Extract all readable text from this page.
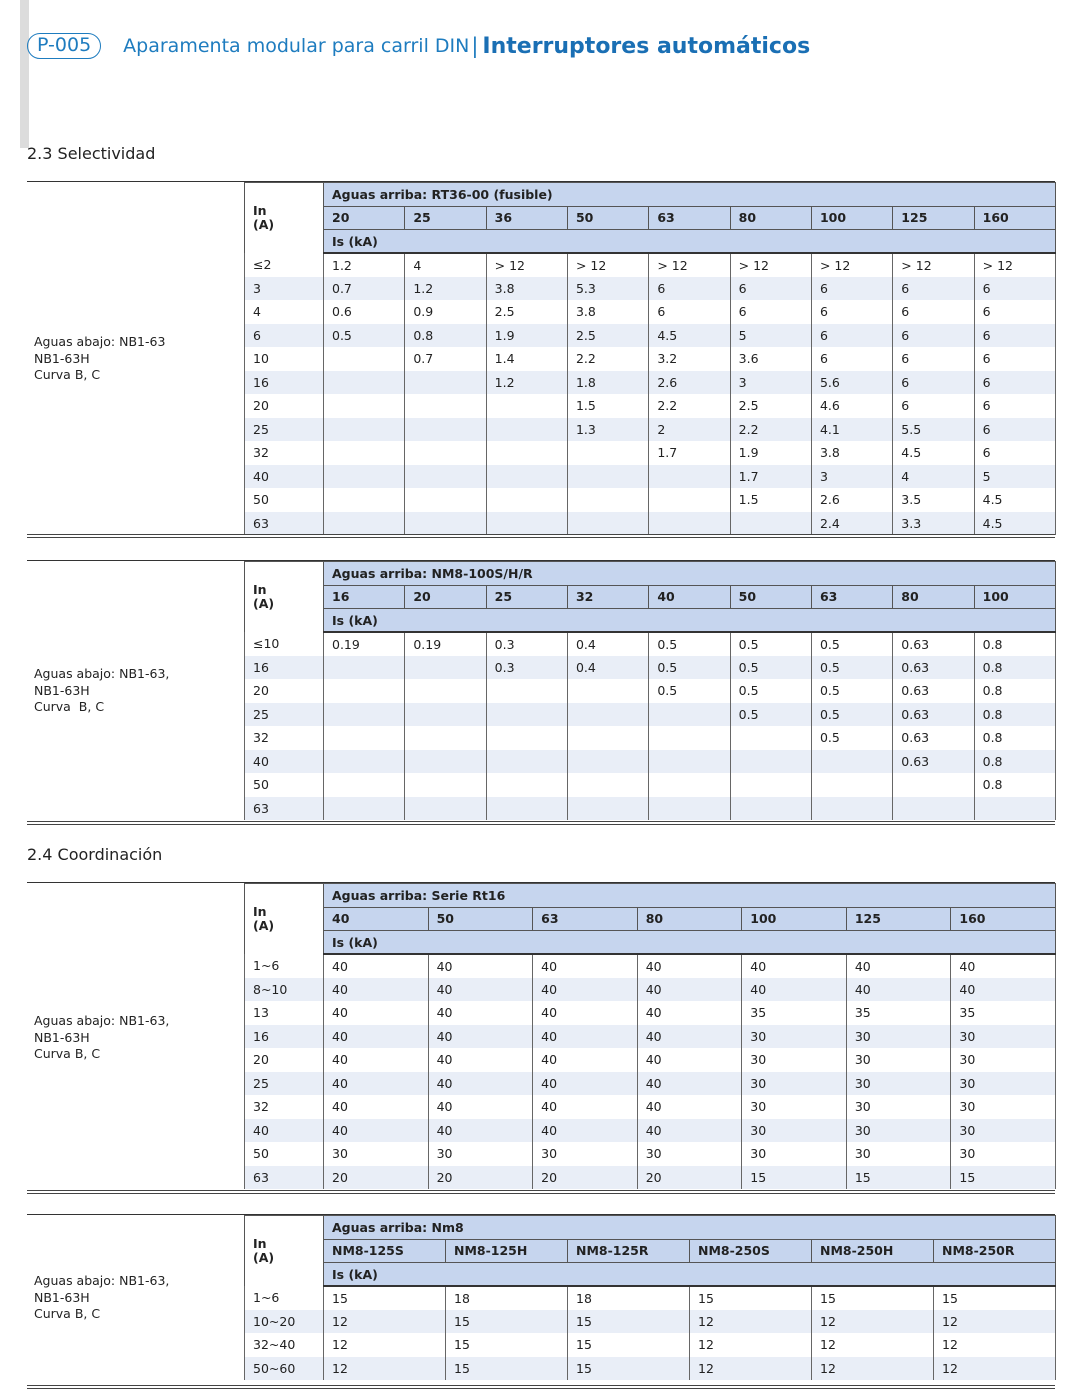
P-005	Aparamenta modular para carril DIN | Interruptores automáticos
2.3 Selectividad
Aguas abajo: NB1-63
NB1-63H
Curva B, C
In
(A)	Aguas arriba: RT36-00 (fusible)								
	20	25	36	50	63	80	100	125	160
	Is (kA)								
≤2	1.2	4	> 12	> 12	> 12	> 12	> 12	> 12	> 12
3	0.7	1.2	3.8	5.3	6	6	6	6	6
4	0.6	0.9	2.5	3.8	6	6	6	6	6
6	0.5	0.8	1.9	2.5	4.5	5	6	6	6
10		0.7	1.4	2.2	3.2	3.6	6	6	6
16			1.2	1.8	2.6	3	5.6	6	6
20				1.5	2.2	2.5	4.6	6	6
25				1.3	2	2.2	4.1	5.5	6
32					1.7	1.9	3.8	4.5	6
40						1.7	3	4	5
50						1.5	2.6	3.5	4.5
63							2.4	3.3	4.5
Aguas abajo: NB1-63,
NB1-63H
Curva  B, C
In
(A)	Aguas arriba: NM8-100S/H/R								
	16	20	25	32	40	50	63	80	100
	Is (kA)								
≤10	0.19	0.19	0.3	0.4	0.5	0.5	0.5	0.63	0.8
16			0.3	0.4	0.5	0.5	0.5	0.63	0.8
20					0.5	0.5	0.5	0.63	0.8
25						0.5	0.5	0.63	0.8
32							0.5	0.63	0.8
40								0.63	0.8
50									0.8
63									
2.4 Coordinación
Aguas abajo: NB1-63,
NB1-63H
Curva B, C
In
(A)	Aguas arriba: Serie Rt16						
	40	50	63	80	100	125	160
	Is (kA)						
1~6	40	40	40	40	40	40	40
8~10	40	40	40	40	40	40	40
13	40	40	40	40	35	35	35
16	40	40	40	40	30	30	30
20	40	40	40	40	30	30	30
25	40	40	40	40	30	30	30
32	40	40	40	40	30	30	30
40	40	40	40	40	30	30	30
50	30	30	30	30	30	30	30
63	20	20	20	20	15	15	15
Aguas abajo: NB1-63,
NB1-63H
Curva B, C
In
(A)	Aguas arriba: Nm8					
	NM8-125S	NM8-125H	NM8-125R	NM8-250S	NM8-250H	NM8-250R
	Is (kA)					
1~6	15	18	18	15	15	15
10~20	12	15	15	12	12	12
32~40	12	15	15	12	12	12
50~60	12	15	15	12	12	12
